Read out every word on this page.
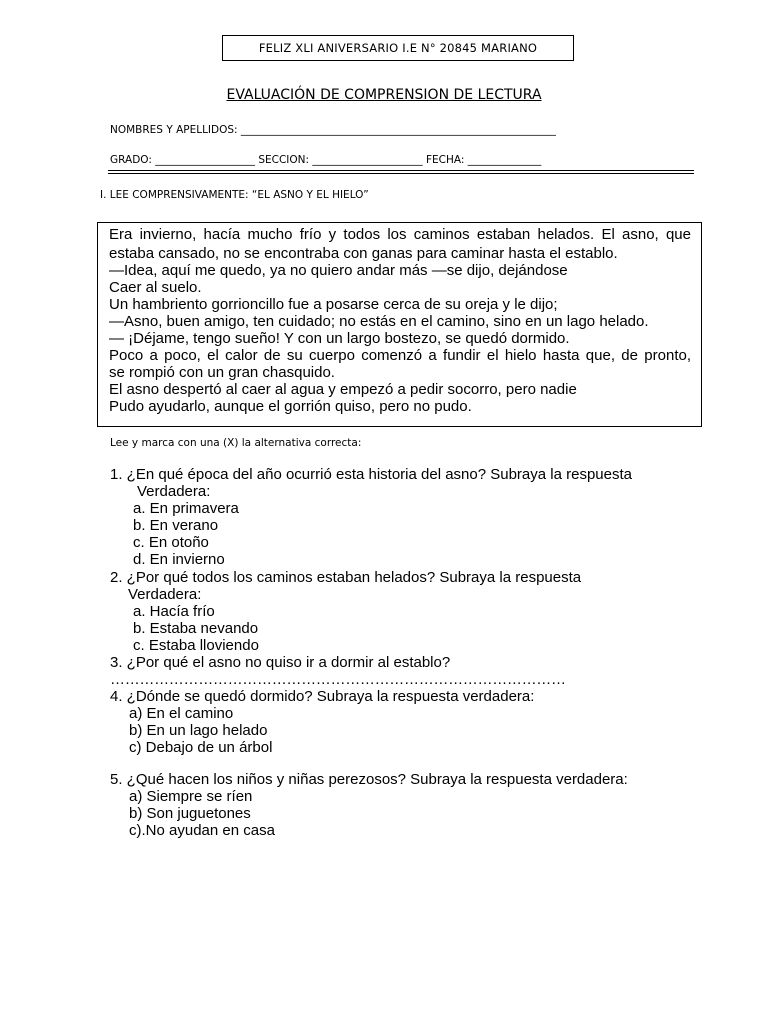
FELIZ XLI ANIVERSARIO I.E N° 20845 MARIANO
EVALUACIÓN DE COMPRENSION DE LECTURA
NOMBRES Y APELLIDOS: ____________________________________________________________
GRADO: ___________________ SECCION: _____________________ FECHA: ______________
I. LEE COMPRENSIVAMENTE: “EL ASNO Y EL HIELO”
Era invierno, hacía mucho frío y todos los caminos estaban helados. El asno, que
estaba cansado, no se encontraba con ganas para caminar hasta el establo.
—Idea, aquí me quedo, ya no quiero andar más —se dijo, dejándose
Caer al suelo.
Un hambriento gorrioncillo fue a posarse cerca de su oreja y le dijo;
—Asno, buen amigo, ten cuidado; no estás en el camino, sino en un lago helado.
— ¡Déjame, tengo sueño! Y con un largo bostezo, se quedó dormido.
Poco a poco, el calor de su cuerpo comenzó a fundir el hielo hasta que, de pronto,
se rompió con un gran chasquido.
El asno despertó al caer al agua y empezó a pedir socorro, pero nadie
Pudo ayudarlo, aunque el gorrión quiso, pero no pudo.
Lee y marca con una (X) la alternativa correcta:
1. ¿En qué época del año ocurrió esta historia del asno? Subraya la respuesta
Verdadera:
a. En primavera
b. En verano
c. En otoño
d. En invierno
2. ¿Por qué todos los caminos estaban helados? Subraya la respuesta
Verdadera:
a. Hacía frío
b. Estaba nevando
c. Estaba lloviendo
3. ¿Por qué el asno no quiso ir a dormir al establo?
…………………………………………………………………………………
4. ¿Dónde se quedó dormido? Subraya la respuesta verdadera:
a) En el camino
b) En un lago helado
c) Debajo de un árbol
5. ¿Qué hacen los niños y niñas perezosos? Subraya la respuesta verdadera:
a) Siempre se ríen
b) Son juguetones
c).No ayudan en casa
